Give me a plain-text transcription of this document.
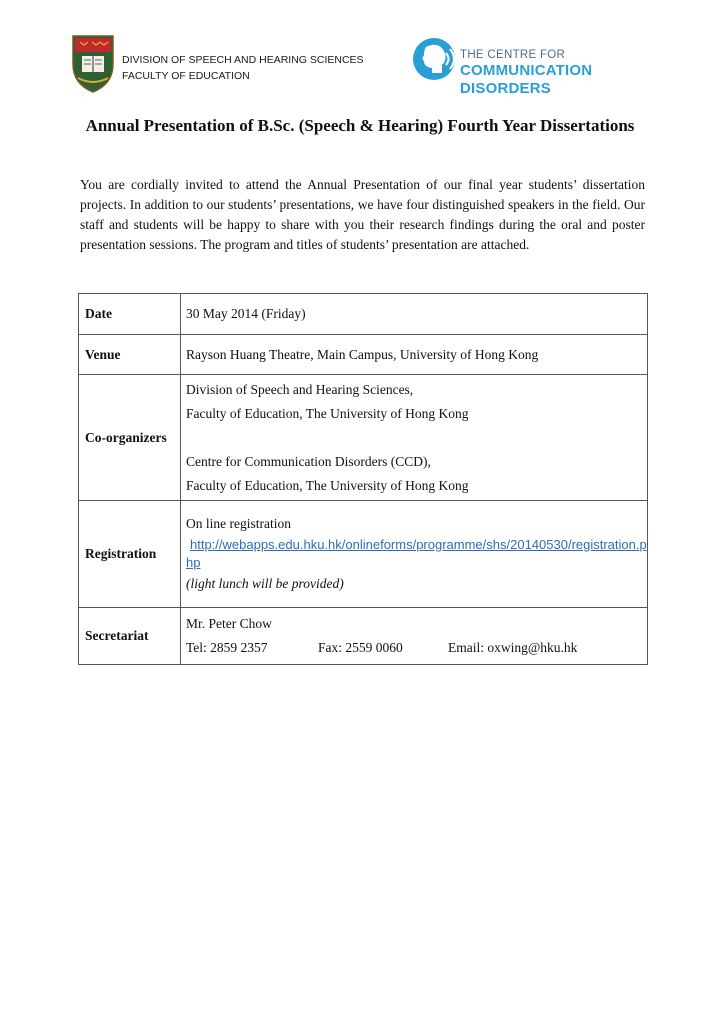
DIVISION OF SPEECH AND HEARING SCIENCES
FACULTY OF EDUCATION
THE CENTRE FOR
COMMUNICATION DISORDERS
Annual Presentation of B.Sc. (Speech & Hearing) Fourth Year Dissertations
You are cordially invited to attend the Annual Presentation of our final year students’ dissertation projects. In addition to our students’ presentations, we have four distinguished speakers in the field. Our staff and students will be happy to share with you their research findings during the oral and poster presentation sessions. The program and titles of students’ presentation are attached.
Date	30 May 2014 (Friday)
Venue	Rayson Huang Theatre, Main Campus, University of Hong Kong
Co-organizers	Division of Speech and Hearing Sciences,
Faculty of Education, The University of Hong Kong
Centre for Communication Disorders (CCD),
Faculty of Education, The University of Hong Kong

Registration	On line registration
http://webapps.edu.hku.hk/onlineforms/programme/shs/20140530/registration.php
(light lunch will be provided)

Secretariat	Mr. Peter Chow
Tel: 2859 2357 Fax: 2559 0060 Email: oxwing@hku.hk
